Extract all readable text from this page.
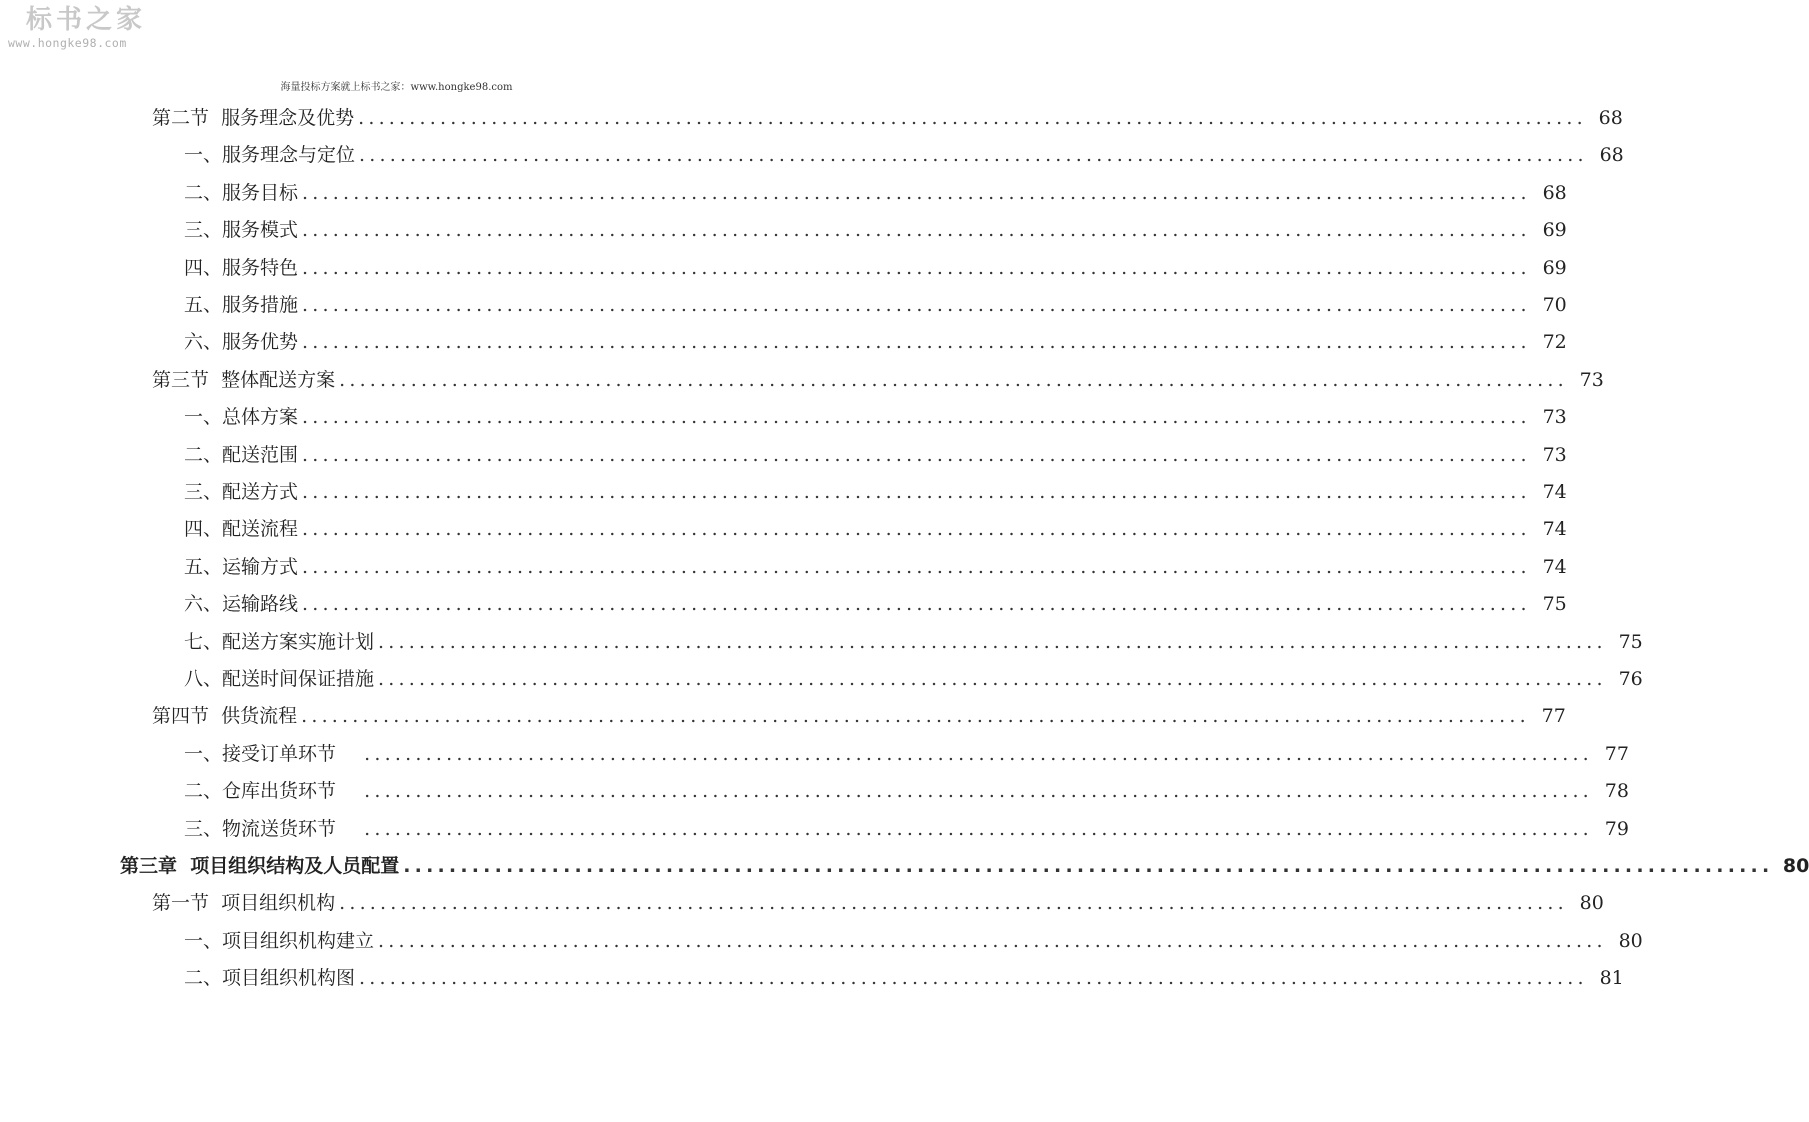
标书之家
www.hongke98.com
海量投标方案就上标书之家：www.hongke98.com
第二节  服务理念及优势 ........................................................................................................................ 68
一、服务理念与定位 ........................................................................................................................ 68
二、服务目标 ........................................................................................................................ 68
三、服务模式 ........................................................................................................................ 69
四、服务特色 ........................................................................................................................ 69
五、服务措施 ........................................................................................................................ 70
六、服务优势 ........................................................................................................................ 72
第三节  整体配送方案 ........................................................................................................................ 73
一、总体方案 ........................................................................................................................ 73
二、配送范围 ........................................................................................................................ 73
三、配送方式 ........................................................................................................................ 74
四、配送流程 ........................................................................................................................ 74
五、运输方式 ........................................................................................................................ 74
六、运输路线 ........................................................................................................................ 75
七、配送方案实施计划 ........................................................................................................................ 75
八、配送时间保证措施 ........................................................................................................................ 76
第四节  供货流程 ........................................................................................................................ 77
一、接受订单环节 ........................................................................................................................ 77
二、仓库出货环节 ........................................................................................................................ 78
三、物流送货环节 ........................................................................................................................ 79
第三章  项目组织结构及人员配置 ........................................................................................................................ 80
第一节  项目组织机构 ........................................................................................................................ 80
一、项目组织机构建立 ........................................................................................................................ 80
二、项目组织机构图 ........................................................................................................................ 81
